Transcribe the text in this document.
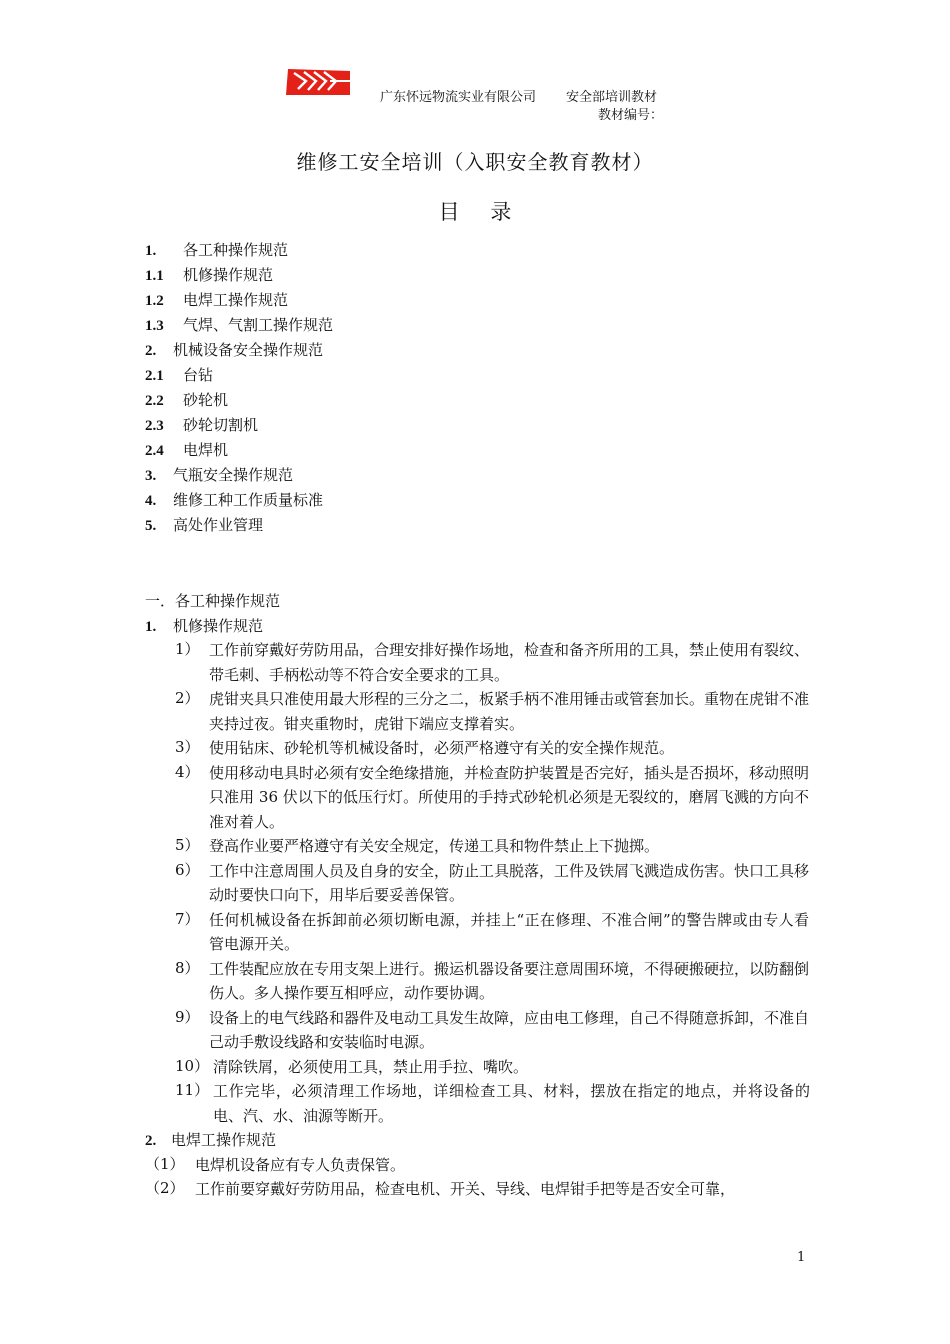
广东怀远物流实业有限公司 安全部培训教材
教材编号：
维修工安全培训（入职安全教育教材）
目 录
1. 各工种操作规范
1.1 机修操作规范
1.2 电焊工操作规范
1.3 气焊、气割工操作规范
2. 机械设备安全操作规范
2.1 台钻
2.2 砂轮机
2.3 砂轮切割机
2.4 电焊机
3. 气瓶安全操作规范
4. 维修工种工作质量标准
5. 高处作业管理
一．各工种操作规范
1. 机修操作规范
1） 工作前穿戴好劳防用品，合理安排好操作场地，检查和备齐所用的工具，禁止使用有裂纹、带毛刺、手柄松动等不符合安全要求的工具。
2） 虎钳夹具只准使用最大形程的三分之二，板紧手柄不准用锤击或管套加长。重物在虎钳不准夹持过夜。钳夹重物时，虎钳下端应支撑着实。
3） 使用钻床、砂轮机等机械设备时，必须严格遵守有关的安全操作规范。
4） 使用移动电具时必须有安全绝缘措施，并检查防护装置是否完好，插头是否损坏，移动照明只准用 36 伏以下的低压行灯。所使用的手持式砂轮机必须是无裂纹的，磨屑飞溅的方向不准对着人。
5） 登高作业要严格遵守有关安全规定，传递工具和物件禁止上下抛掷。
6） 工作中注意周围人员及自身的安全，防止工具脱落，工件及铁屑飞溅造成伤害。快口工具移动时要快口向下，用毕后要妥善保管。
7） 任何机械设备在拆卸前必须切断电源，并挂上“正在修理、不准合闸”的警告牌或由专人看管电源开关。
8） 工件装配应放在专用支架上进行。搬运机器设备要注意周围环境，不得硬搬硬拉，以防翻倒伤人。多人操作要互相呼应，动作要协调。
9） 设备上的电气线路和器件及电动工具发生故障，应由电工修理，自己不得随意拆卸，不准自己动手敷设线路和安装临时电源。
10） 清除铁屑，必须使用工具，禁止用手拉、嘴吹。
11） 工作完毕，必须清理工作场地，详细检查工具、材料，摆放在指定的地点，并将设备的电、汽、水、油源等断开。
2. 电焊工操作规范
（1） 电焊机设备应有专人负责保管。
（2） 工作前要穿戴好劳防用品，检查电机、开关、导线、电焊钳手把等是否安全可靠，
1
